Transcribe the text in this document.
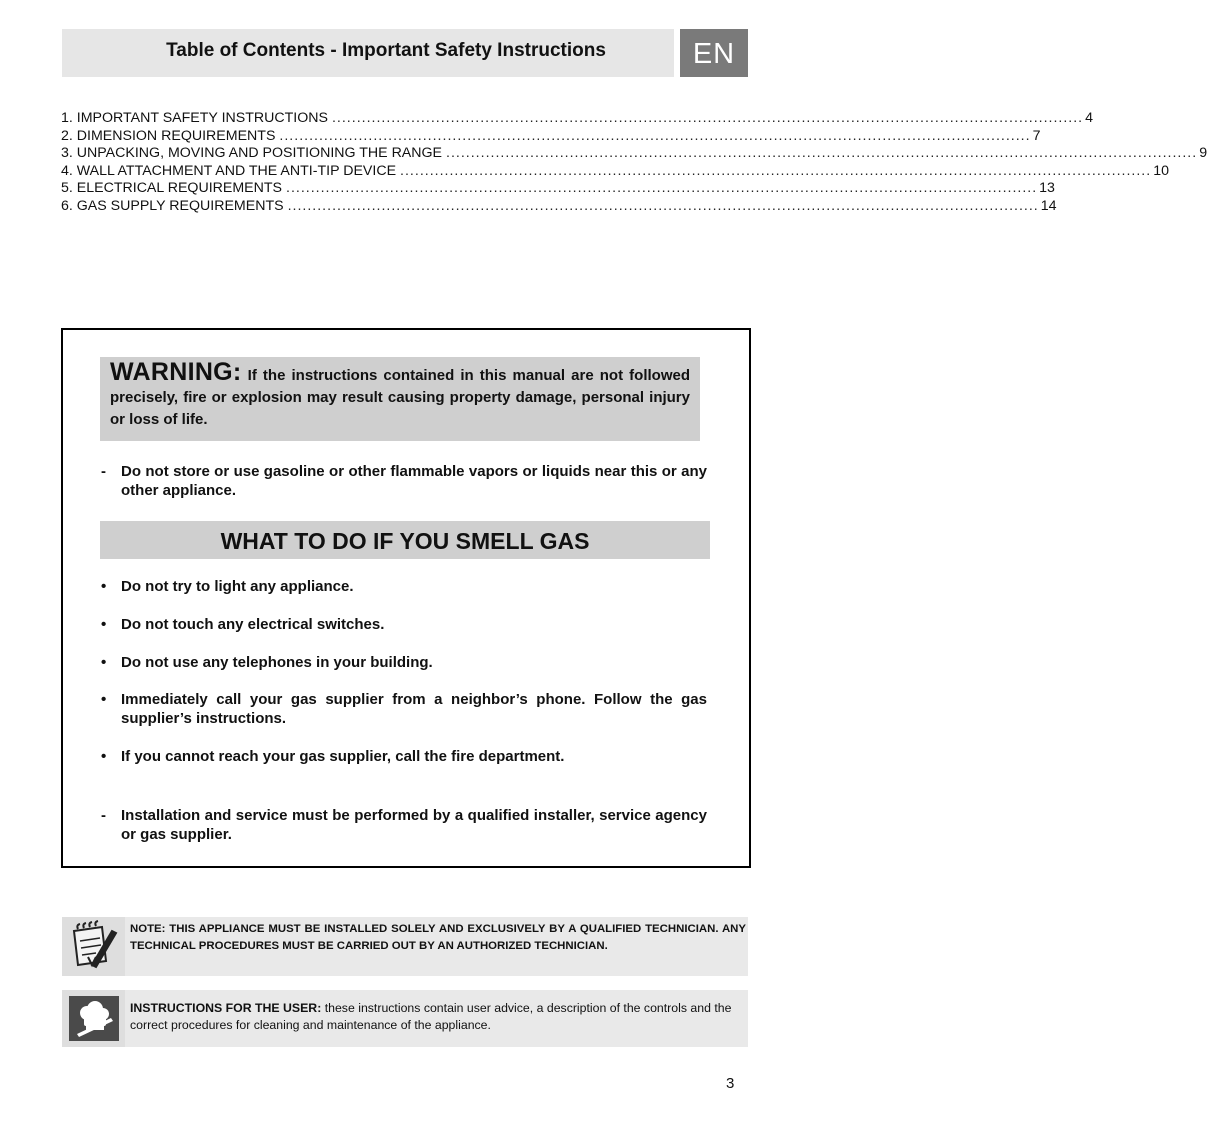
Table of Contents - Important Safety Instructions	EN
1. IMPORTANT SAFETY INSTRUCTIONS ........................................................................................................................................................ 4
2. DIMENSION REQUIREMENTS ........................................................................................................................................................ 7
3. UNPACKING, MOVING AND POSITIONING THE RANGE ........................................................................................................................................................ 9
4. WALL ATTACHMENT AND THE ANTI-TIP DEVICE ........................................................................................................................................................ 10
5. ELECTRICAL REQUIREMENTS ........................................................................................................................................................ 13
6. GAS SUPPLY REQUIREMENTS ........................................................................................................................................................ 14
WARNING: If the instructions contained in this manual are not followed precisely, fire or explosion may result causing property damage, personal injury or loss of life.
- Do not store or use gasoline or other flammable vapors or liquids near this or any other appliance.
WHAT TO DO IF YOU SMELL GAS
• Do not try to light any appliance.
• Do not touch any electrical switches.
• Do not use any telephones in your building.
• Immediately call your gas supplier from a neighbor’s phone. Follow the gas supplier’s instructions.
• If you cannot reach your gas supplier, call the fire department.
- Installation and service must be performed by a qualified installer, service agency or gas supplier.
NOTE: THIS APPLIANCE MUST BE INSTALLED SOLELY AND EXCLUSIVELY BY A QUALIFIED TECHNICIAN. ANY TECHNICAL PROCEDURES MUST BE CARRIED OUT BY AN AUTHORIZED TECHNICIAN.
INSTRUCTIONS FOR THE USER: these instructions contain user advice, a description of the controls and the correct procedures for cleaning and maintenance of the appliance.
3
